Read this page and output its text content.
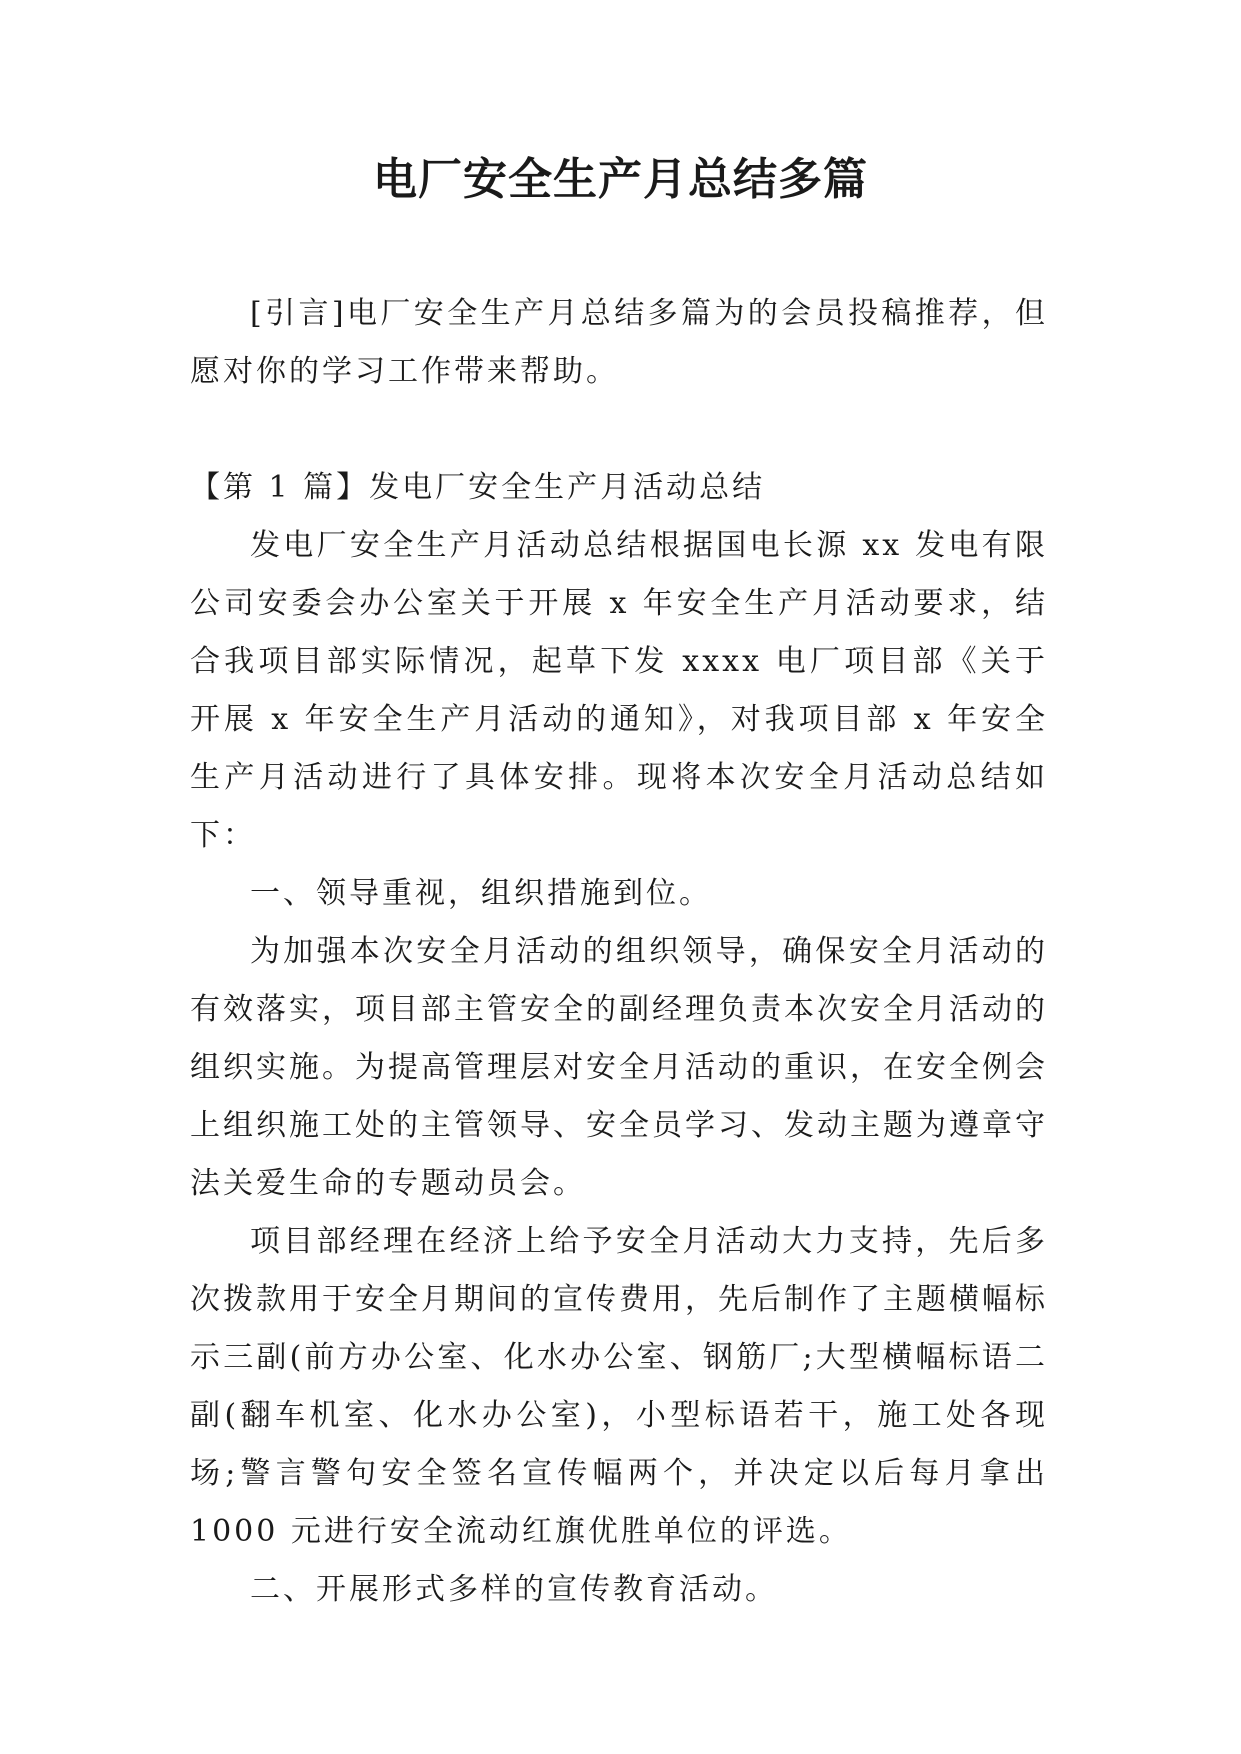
电厂安全生产月总结多篇

[引言]电厂安全生产月总结多篇为的会员投稿推荐，但愿对你的学习工作带来帮助。

【第 1 篇】发电厂安全生产月活动总结

发电厂安全生产月活动总结根据国电长源 xx 发电有限公司安委会办公室关于开展 x 年安全生产月活动要求，结合我项目部实际情况，起草下发 xxxx 电厂项目部《关于开展 x 年安全生产月活动的通知》，对我项目部 x 年安全生产月活动进行了具体安排。现将本次安全月活动总结如下：

一、领导重视，组织措施到位。

为加强本次安全月活动的组织领导，确保安全月活动的有效落实，项目部主管安全的副经理负责本次安全月活动的组织实施。为提高管理层对安全月活动的重识，在安全例会上组织施工处的主管领导、安全员学习、发动主题为遵章守法关爱生命的专题动员会。

项目部经理在经济上给予安全月活动大力支持，先后多次拨款用于安全月期间的宣传费用，先后制作了主题横幅标示三副(前方办公室、化水办公室、钢筋厂;大型横幅标语二副(翻车机室、化水办公室)，小型标语若干，施工处各现场;警言警句安全签名宣传幅两个，并决定以后每月拿出 1000 元进行安全流动红旗优胜单位的评选。

二、开展形式多样的宣传教育活动。
